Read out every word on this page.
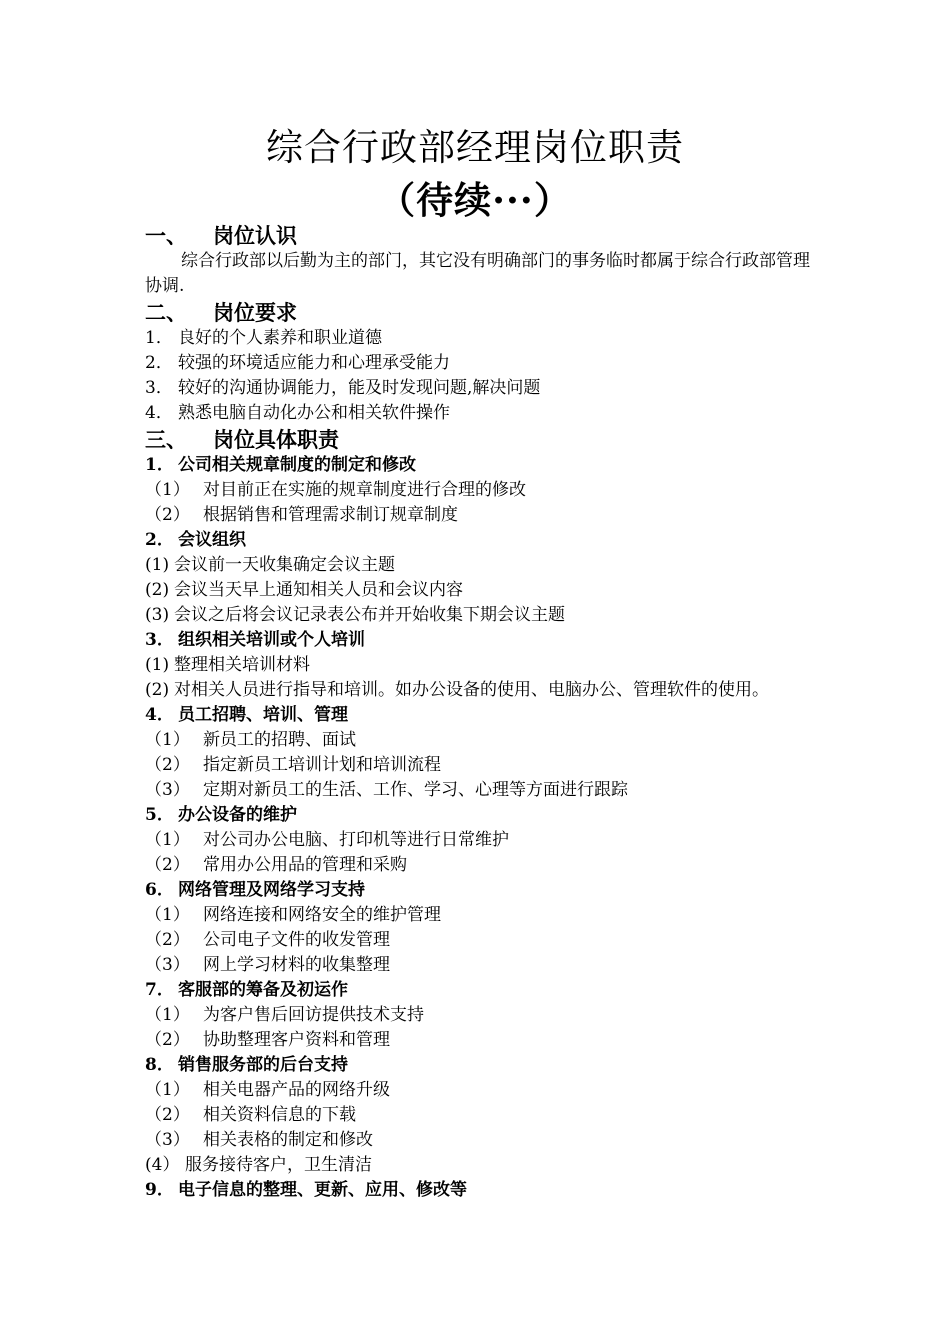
综合行政部经理岗位职责
（待续···）
一、	岗位认识
综合行政部以后勤为主的部门，其它没有明确部门的事务临时都属于综合行政部管理协调.
二、	岗位要求
1． 良好的个人素养和职业道德
2． 较强的环境适应能力和心理承受能力
3． 较好的沟通协调能力，能及时发现问题,解决问题
4． 熟悉电脑自动化办公和相关软件操作
三、	岗位具体职责
1． 公司相关规章制度的制定和修改
（1） 对目前正在实施的规章制度进行合理的修改
（2） 根据销售和管理需求制订规章制度
2． 会议组织
(1) 会议前一天收集确定会议主题
(2) 会议当天早上通知相关人员和会议内容
(3) 会议之后将会议记录表公布并开始收集下期会议主题
3． 组织相关培训或个人培训
(1) 整理相关培训材料
(2) 对相关人员进行指导和培训。如办公设备的使用、电脑办公、管理软件的使用。
4． 员工招聘、培训、管理
（1） 新员工的招聘、面试
（2） 指定新员工培训计划和培训流程
（3） 定期对新员工的生活、工作、学习、心理等方面进行跟踪
5． 办公设备的维护
（1） 对公司办公电脑、打印机等进行日常维护
（2） 常用办公用品的管理和采购
6． 网络管理及网络学习支持
（1） 网络连接和网络安全的维护管理
（2） 公司电子文件的收发管理
（3） 网上学习材料的收集整理
7． 客服部的筹备及初运作
（1） 为客户售后回访提供技术支持
（2） 协助整理客户资料和管理
8． 销售服务部的后台支持
（1） 相关电器产品的网络升级
（2） 相关资料信息的下载
（3） 相关表格的制定和修改
(4） 服务接待客户，卫生清洁
9． 电子信息的整理、更新、应用、修改等
